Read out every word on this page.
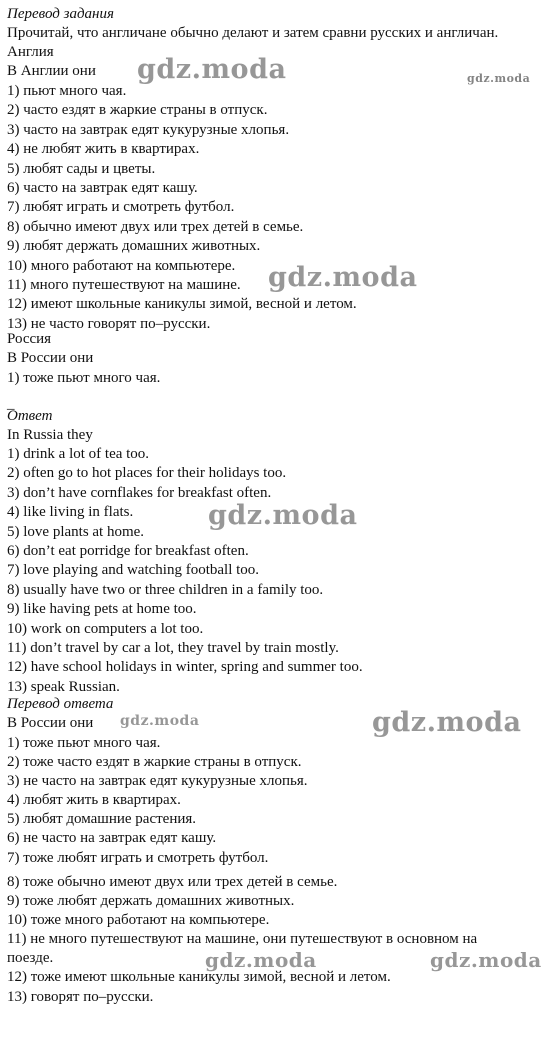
Перевод задания
Прочитай, что англичане обычно делают и затем сравни русских и англичан.
Англия
В Англии они
1) пьют много чая.
2) часто ездят в жаркие страны в отпуск.
3) часто на завтрак едят кукурузные хлопья.
4) не любят жить в квартирах.
5) любят сады и цветы.
6) часто на завтрак едят кашу.
7) любят играть и смотреть футбол.
8) обычно имеют двух или трех детей в семье.
9) любят держать домашних животных.
10) много работают на компьютере.
11) много путешествуют на машине.
12) имеют школьные каникулы зимой, весной и летом.
13) не часто говорят по–русски.
Россия
В России они
1) тоже пьют много чая.
_
Ответ
In Russia they
1) drink a lot of tea too.
2) often go to hot places for their holidays too.
3) don’t have cornflakes for breakfast often.
4) like living in flats.
5) love plants at home.
6) don’t eat porridge for breakfast often.
7) love playing and watching football too.
8) usually have two or three children in a family too.
9) like having pets at home too.
10) work on computers a lot too.
11) don’t travel by car a lot, they travel by train mostly.
12) have school holidays in winter, spring and summer too.
13) speak Russian.
Перевод ответа
В России они
1) тоже пьют много чая.
2) тоже часто ездят в жаркие страны в отпуск.
3) не часто на завтрак едят кукурузные хлопья.
4) любят жить в квартирах.
5) любят домашние растения.
6) не часто на завтрак едят кашу.
7) тоже любят играть и смотреть футбол.
8) тоже обычно имеют двух или трех детей в семье.
9) тоже любят держать домашних животных.
10) тоже много работают на компьютере.
11) не много путешествуют на машине, они путешествуют в основном на
поезде.
12) тоже имеют школьные каникулы зимой, весной и летом.
13) говорят по–русски.
gdz.moda	gdz.moda
gdz.moda
gdz.moda
gdz.moda	gdz.moda
gdz.moda	gdz.moda
